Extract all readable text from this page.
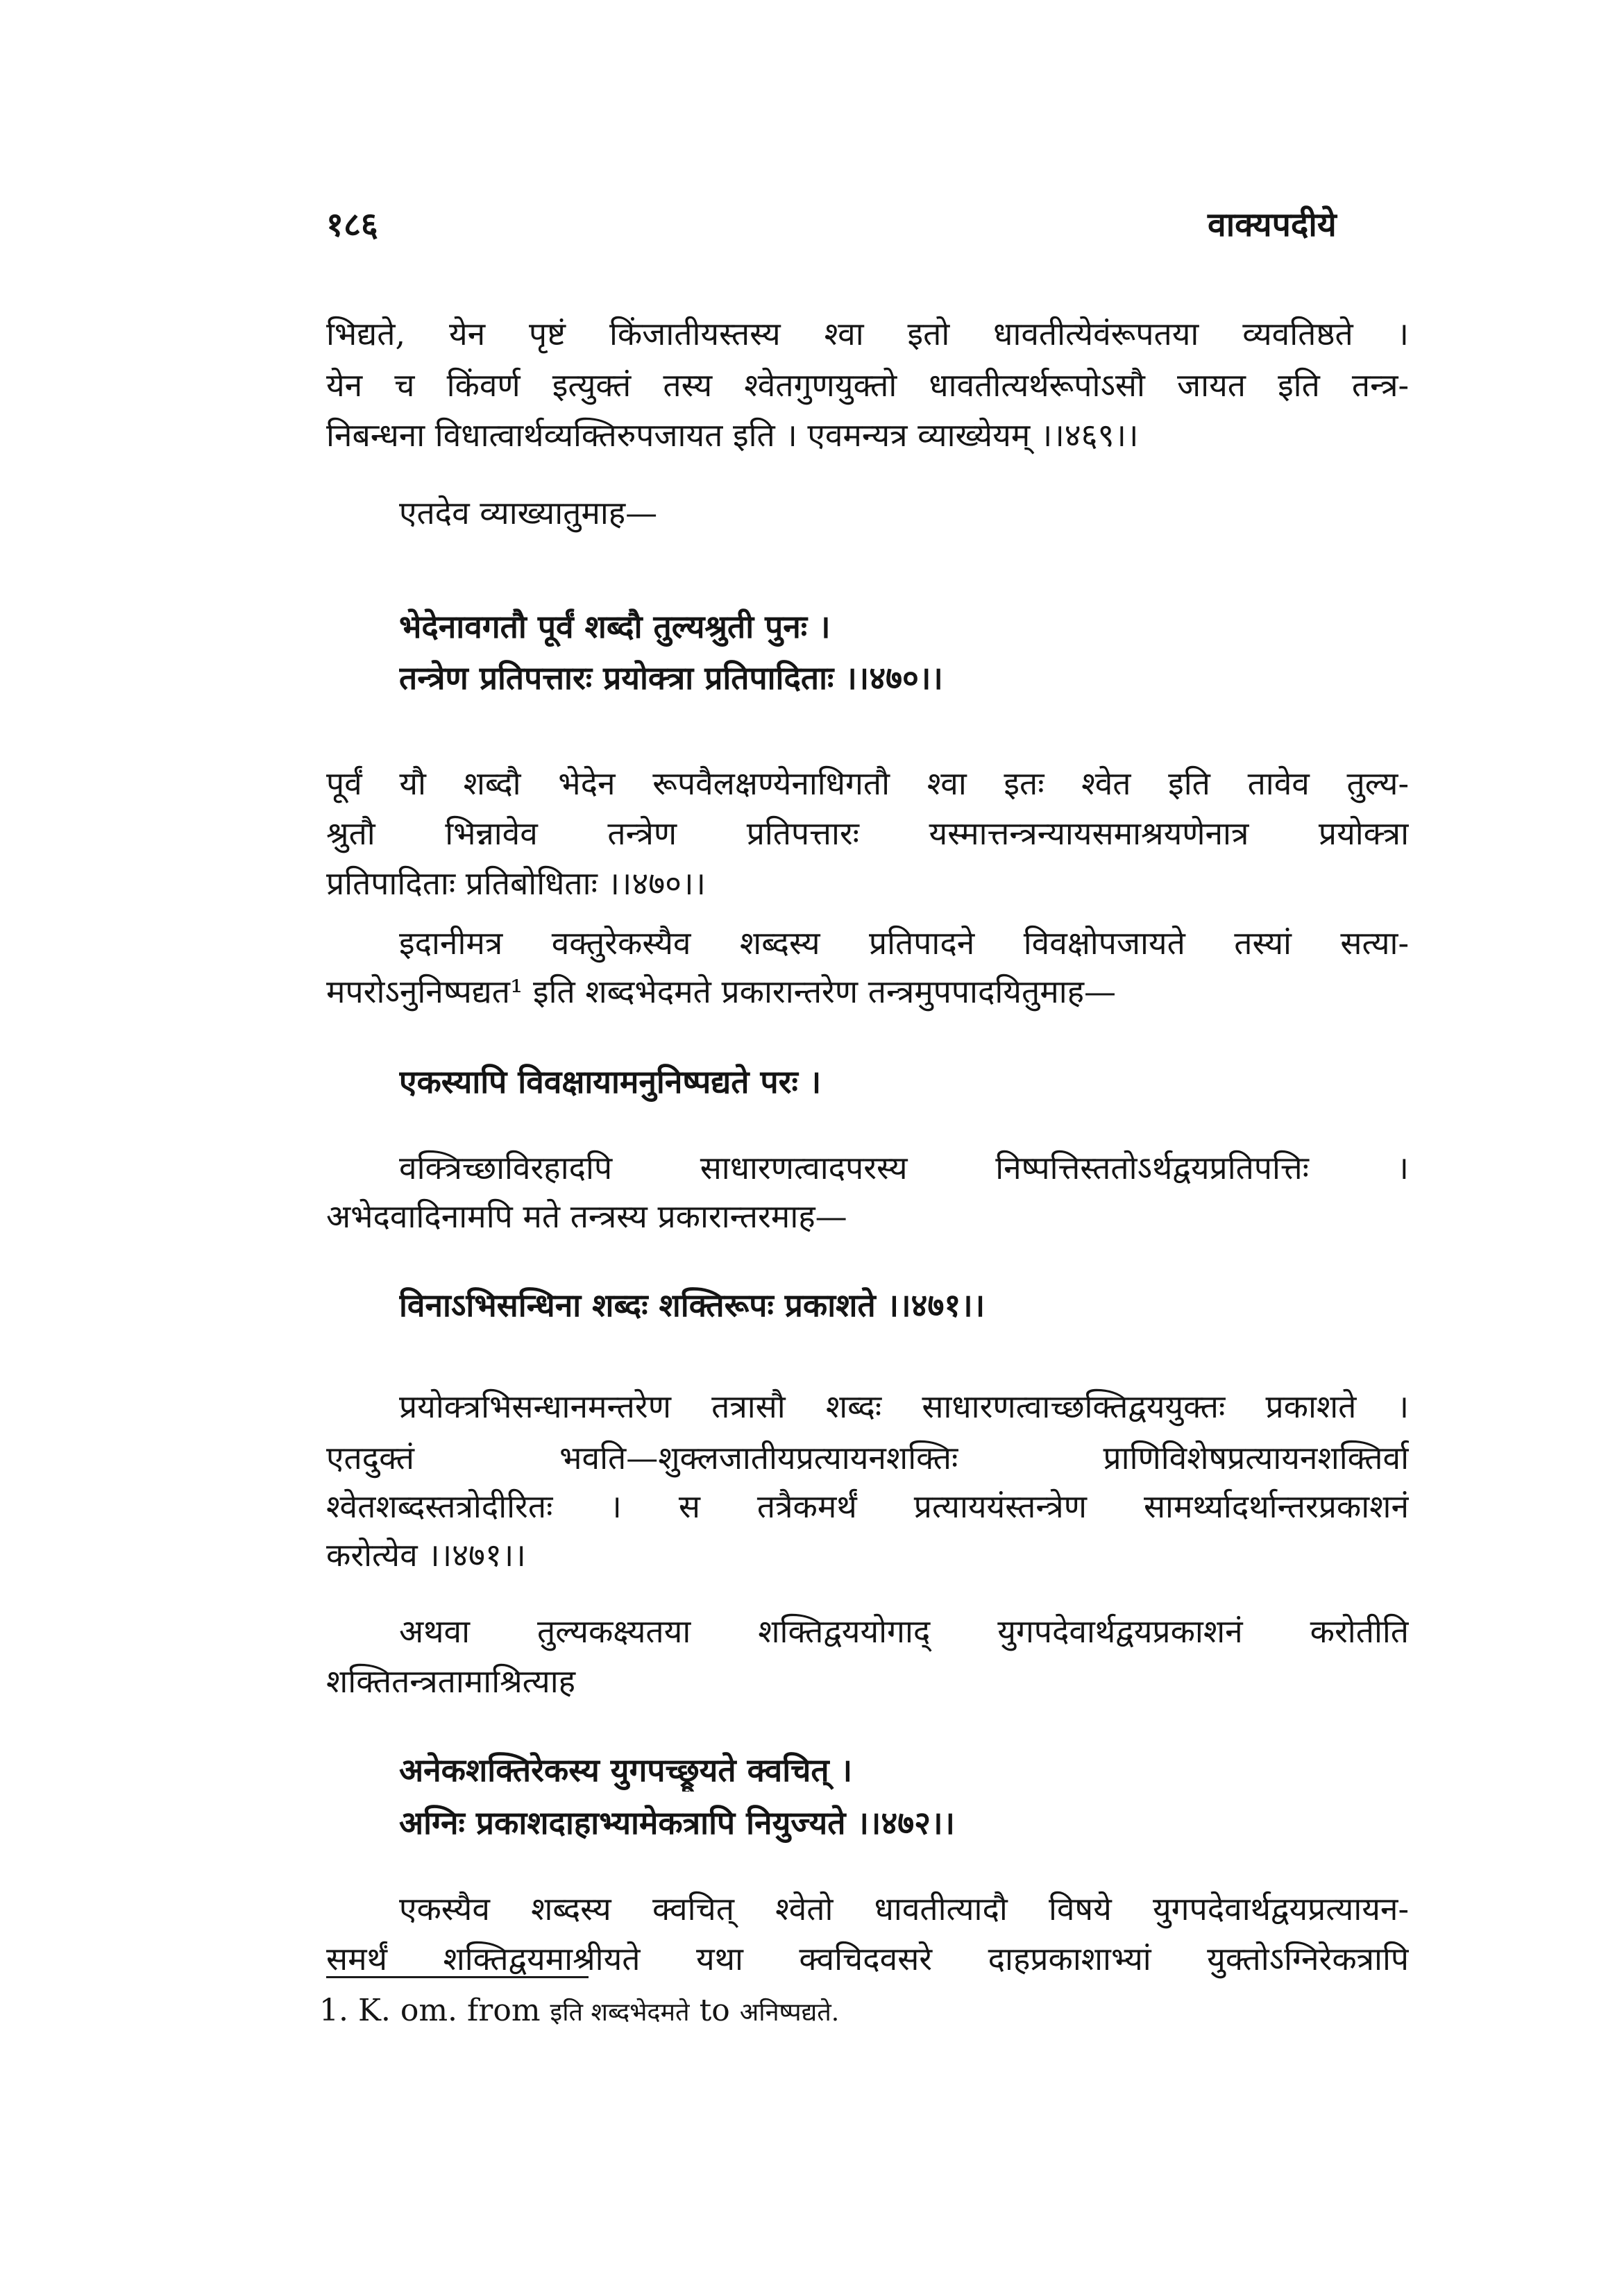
१८६	वाक्यपदीये
भिद्यते, येन पृष्टं किंजातीयस्तस्य श्वा इतो धावतीत्येवंरूपतया व्यवतिष्ठते ।
येन च किंवर्ण इत्युक्तं तस्य श्वेतगुणयुक्तो धावतीत्यर्थरूपोऽसौ जायत इति तन्त्र-
निबन्धना विधात्वार्थव्यक्तिरुपजायत इति । एवमन्यत्र व्याख्येयम् ।।४६९।।
एतदेव व्याख्यातुमाह—
भेदेनावगतौ पूर्वं शब्दौ तुल्यश्रुती पुनः ।
तन्त्रेण प्रतिपत्तारः प्रयोक्त्रा प्रतिपादिताः ।।४७०।।
पूर्वं यौ शब्दौ भेदेन रूपवैलक्षण्येनाधिगतौ श्वा इतः श्वेत इति तावेव तुल्य-
श्रुतौ भिन्नावेव तन्त्रेण प्रतिपत्तारः यस्मात्तन्त्रन्यायसमाश्रयणेनात्र प्रयोक्त्रा
प्रतिपादिताः प्रतिबोधिताः ।।४७०।।
इदानीमत्र वक्तुरेकस्यैव शब्दस्य प्रतिपादने विवक्षोपजायते तस्यां सत्या-
मपरोऽनुनिष्पद्यत¹ इति शब्दभेदमते प्रकारान्तरेण तन्त्रमुपपादयितुमाह—
एकस्यापि विवक्षायामनुनिष्पद्यते परः ।
वक्त्रिच्छाविरहादपि साधारणत्वादपरस्य निष्पत्तिस्ततोऽर्थद्वयप्रतिपत्तिः ।
अभेदवादिनामपि मते तन्त्रस्य प्रकारान्तरमाह—
विनाऽभिसन्धिना शब्दः शक्तिरूपः प्रकाशते ।।४७१।।
प्रयोक्त्रभिसन्धानमन्तरेण तत्रासौ शब्दः साधारणत्वाच्छक्तिद्वययुक्तः प्रकाशते ।
एतदुक्तं भवति—शुक्लजातीयप्रत्यायनशक्तिः प्राणिविशेषप्रत्यायनशक्तिर्वा
श्वेतशब्दस्तत्रोदीरितः । स तत्रैकमर्थं प्रत्याययंस्तन्त्रेण सामर्थ्यादर्थान्तरप्रकाशनं
करोत्येव ।।४७१।।
अथवा तुल्यकक्ष्यतया शक्तिद्वययोगाद् युगपदेवार्थद्वयप्रकाशनं करोतीति
शक्तितन्त्रतामाश्रित्याह
अनेकशक्तिरेकस्य युगपच्छ्रूयते क्वचित् ।
अग्निः प्रकाशदाहाभ्यामेकत्रापि नियुज्यते ।।४७२।।
एकस्यैव शब्दस्य क्वचित् श्वेतो धावतीत्यादौ विषये युगपदेवार्थद्वयप्रत्यायन-
समर्थं शक्तिद्वयमाश्रीयते यथा क्वचिदवसरे दाहप्रकाशाभ्यां युक्तोऽग्निरेकत्रापि
1. K. om. from इति शब्दभेदमते to अनिष्पद्यते.
